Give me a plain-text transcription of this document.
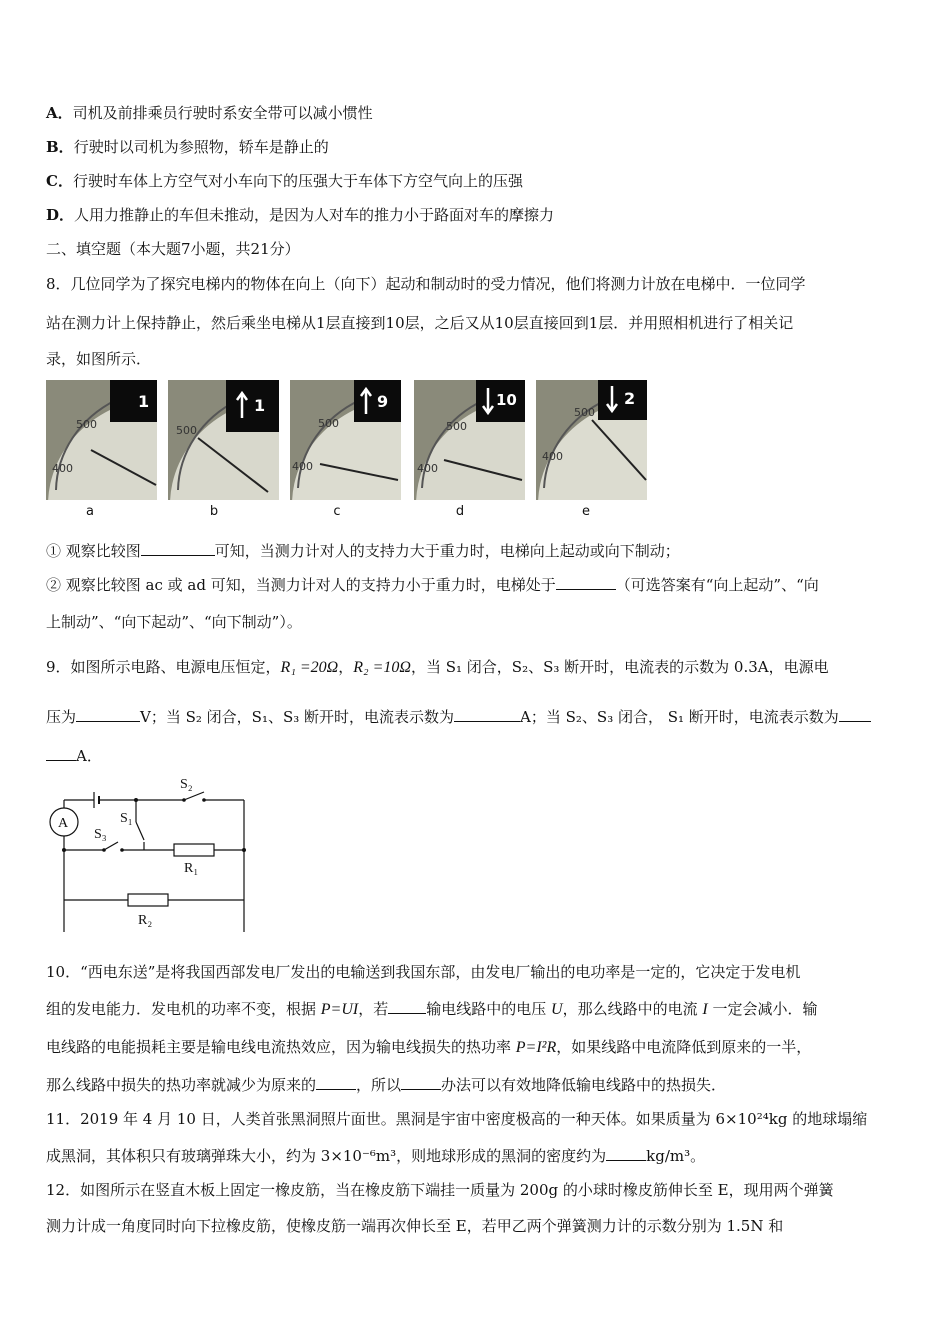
A．司机及前排乘员行驶时系安全带可以减小惯性
B．行驶时以司机为参照物，轿车是静止的
C．行驶时车体上方空气对小车向下的压强大于车体下方空气向上的压强
D．人用力推静止的车但未推动，是因为人对车的推力小于路面对车的摩擦力
二、填空题（本大题7小题，共21分）
8．几位同学为了探究电梯内的物体在向上（向下）起动和制动时的受力情况，他们将测力计放在电梯中．一位同学
站在测力计上保持静止，然后乘坐电梯从1层直接到10层，之后又从10层直接回到1层．并用照相机进行了相关记
录，如图所示．
500
400
1
500
1
500
400
9
500
400
10
500
400
2
a	b	c	d	e
① 观察比较图	可知，当测力计对人的支持力大于重力时，电梯向上起动或向下制动；
② 观察比较图 ac 或 ad 可知，当测力计对人的支持力小于重力时，电梯处于	（可选答案有“向上起动”、“向
上制动”、“向下起动”、“向下制动”）。
9．如图所示电路、电源电压恒定，R₁ =20Ω，R₂ =10Ω，当 S₁ 闭合，S₂、S₃ 断开时，电流表的示数为 0.3A，电源电
压为	V；当 S₂ 闭合，S₁、S₃ 断开时，电流表示数为	A；当 S₂、S₃ 闭合， S₁ 断开时，电流表示数为
A．
A
S₂
S₁
S₃
R₁
R₂
10．“西电东送”是将我国西部发电厂发出的电输送到我国东部，由发电厂输出的电功率是一定的，它决定于发电机
组的发电能力．发电机的功率不变，根据 P=UI，若	输电线路中的电压 U，那么线路中的电流 I 一定会减小．输
电线路的电能损耗主要是输电线电流热效应，因为输电线损失的热功率 P=I²R，如果线路中电流降低到原来的一半，
那么线路中损失的热功率就减少为原来的	，所以	办法可以有效地降低输电线路中的热损失．
11．2019 年 4 月 10 日，人类首张黑洞照片面世。黑洞是宇宙中密度极高的一种天体。如果质量为 6×10²⁴kg 的地球塌缩
成黑洞，其体积只有玻璃弹珠大小，约为 3×10⁻⁶m³，则地球形成的黑洞的密度约为	kg/m³。
12．如图所示在竖直木板上固定一橡皮筋，当在橡皮筋下端挂一质量为 200g 的小球时橡皮筋伸长至 E，现用两个弹簧
测力计成一角度同时向下拉橡皮筋，使橡皮筋一端再次伸长至 E，若甲乙两个弹簧测力计的示数分别为 1.5N 和
